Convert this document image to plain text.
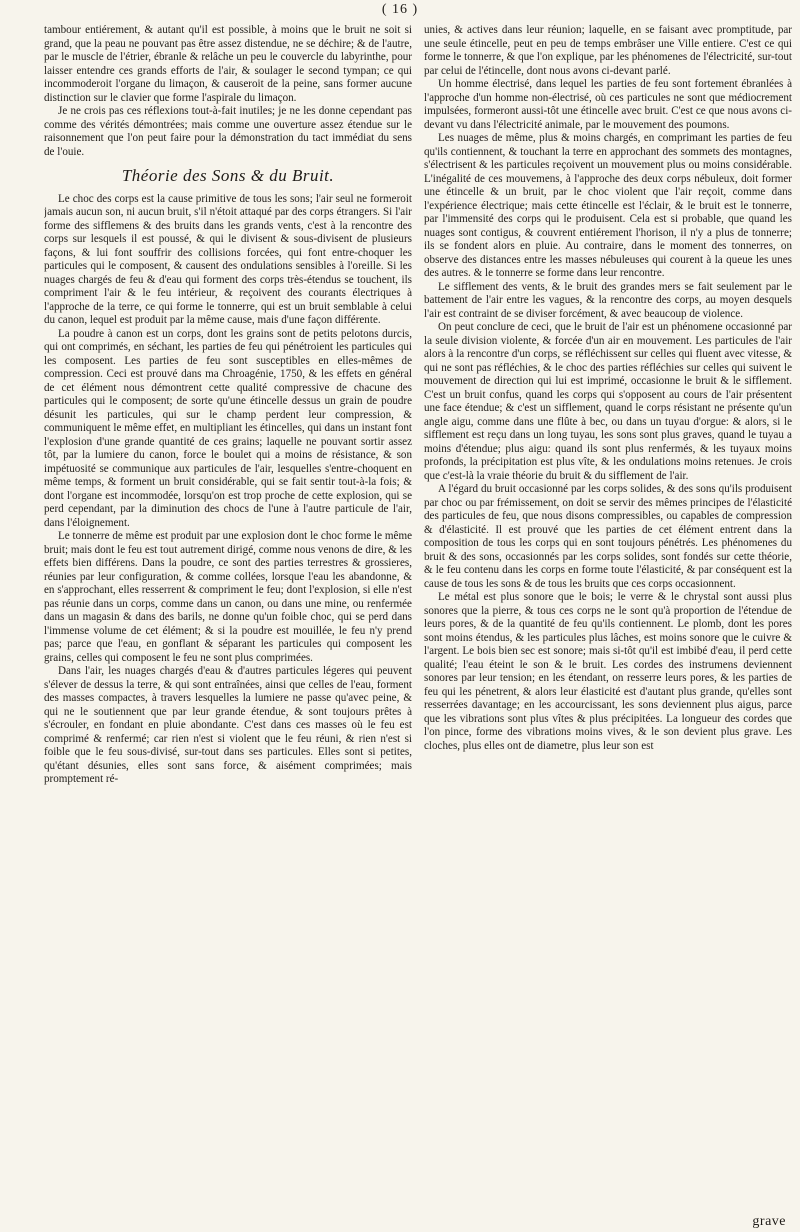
( 16 )

tambour entiérement, & autant qu'il est possible, à moins que le bruit ne soit si grand, que la peau ne pouvant pas être assez distendue, ne se déchire; & de l'autre, par le muscle de l'étrier, ébranle & relâche un peu le couvercle du labyrinthe, pour laisser entendre ces grands efforts de l'air, & soulager le second tympan; ce qui incommoderoit l'organe du limaçon, & causeroit de la peine, sans former aucune distinction sur le clavier que forme l'aspirale du limaçon.

Je ne crois pas ces réflexions tout-à-fait inutiles; je ne les donne cependant pas comme des vérités démontrées; mais comme une ouverture assez étendue sur le raisonnement que l'on peut faire pour la démonstration du tact immédiat du sens de l'ouie.

Théorie des Sons & du Bruit.

Le choc des corps est la cause primitive de tous les sons; l'air seul ne formeroit jamais aucun son, ni aucun bruit, s'il n'étoit attaqué par des corps étrangers. Si l'air forme des sifflemens & des bruits dans les grands vents, c'est à la rencontre des corps sur lesquels il est poussé, & qui le divisent & sous-divisent de plusieurs façons, & lui font souffrir des collisions forcées, qui font entre-choquer les particules qui le composent, & causent des ondulations sensibles à l'oreille. Si les nuages chargés de feu & d'eau qui forment des corps très-étendus se touchent, ils compriment l'air & le feu intérieur, & reçoivent des courants électriques à l'approche de la terre, ce qui forme le tonnerre, qui est un bruit semblable à celui du canon, lequel est produit par la même cause, mais d'une façon différente.

La poudre à canon est un corps, dont les grains sont de petits pelotons durcis, qui ont comprimés, en séchant, les parties de feu qui pénétroient les particules qui les composent. Les parties de feu sont susceptibles en elles-mêmes de compression. Ceci est prouvé dans ma Chroagénie, 1750, & les effets en général de cet élément nous démontrent cette qualité compressive de chacune des particules qui le composent; de sorte qu'une étincelle dessus un grain de poudre désunit les particules, qui sur le champ perdent leur compression, & communiquent le même effet, en multipliant les étincelles, qui dans un instant font l'explosion d'une grande quantité de ces grains; laquelle ne pouvant sortir assez tôt, par la lumiere du canon, force le boulet qui a moins de résistance, & son impétuosité se communique aux particules de l'air, lesquelles s'entre-choquent en même temps, & forment un bruit considérable, qui se fait sentir tout-à-la fois; & dont l'organe est incommodée, lorsqu'on est trop proche de cette explosion, qui se perd cependant, par la diminution des chocs de l'une à l'autre particule de l'air, dans l'éloignement.

Le tonnerre de même est produit par une explosion dont le choc forme le même bruit; mais dont le feu est tout autrement dirigé, comme nous venons de dire, & les effets bien différens. Dans la poudre, ce sont des parties terrestres & grossieres, réunies par leur configuration, & comme collées, lorsque l'eau les abandonne, & en s'approchant, elles resserrent & compriment le feu; dont l'explosion, si elle n'est pas réunie dans un corps, comme dans un canon, ou dans une mine, ou renfermée dans un magasin & dans des barils, ne donne qu'un foible choc, qui se perd dans l'immense volume de cet élément; & si la poudre est mouillée, le feu n'y prend pas; parce que l'eau, en gonflant & séparant les particules qui composent les grains, celles qui composent le feu ne sont plus comprimées.

Dans l'air, les nuages chargés d'eau & d'autres particules légeres qui peuvent s'élever de dessus la terre, & qui sont entraînées, ainsi que celles de l'eau, forment des masses compactes, à travers lesquelles la lumiere ne passe qu'avec peine, & qui ne le soutiennent que par leur grande étendue, & sont toujours prêtes à s'écrouler, en fondant en pluie abondante. C'est dans ces masses où le feu est comprimé & renfermé; car rien n'est si violent que le feu réuni, & rien n'est si foible que le feu sous-divisé, sur-tout dans ses particules. Elles sont si petites, qu'étant désunies, elles sont sans force, & aisément comprimées; mais promptement ré-

unies, & actives dans leur réunion; laquelle, en se faisant avec promptitude, par une seule étincelle, peut en peu de temps embrâser une Ville entiere. C'est ce qui forme le tonnerre, & que l'on explique, par les phénomenes de l'électricité, sur-tout par celui de l'étincelle, dont nous avons ci-devant parlé.

Un homme électrisé, dans lequel les parties de feu sont fortement ébranlées à l'approche d'un homme non-électrisé, où ces particules ne sont que médiocrement impulsées, formeront aussi-tôt une étincelle avec bruit. C'est ce que nous avons ci-devant vu dans l'électricité animale, par le mouvement des poumons.

Les nuages de même, plus & moins chargés, en comprimant les parties de feu qu'ils contiennent, & touchant la terre en approchant des sommets des montagnes, s'électrisent & les particules reçoivent un mouvement plus ou moins considérable. L'inégalité de ces mouvemens, à l'approche des deux corps nébuleux, doit former une étincelle & un bruit, par le choc violent que l'air reçoit, comme dans l'expérience électrique; mais cette étincelle est l'éclair, & le bruit est le tonnerre, par l'immensité des corps qui le produisent. Cela est si probable, que quand les nuages sont contigus, & couvrent entiérement l'horison, il n'y a plus de tonnerre; ils se fondent alors en pluie. Au contraire, dans le moment des tonnerres, on observe des distances entre les masses nébuleuses qui courent à la queue les unes des autres. & le tonnerre se forme dans leur rencontre.

Le sifflement des vents, & le bruit des grandes mers se fait seulement par le battement de l'air entre les vagues, & la rencontre des corps, au moyen desquels l'air est contraint de se diviser forcément, & avec beaucoup de violence.

On peut conclure de ceci, que le bruit de l'air est un phénomene occasionné par la seule division violente, & forcée d'un air en mouvement. Les particules de l'air alors à la rencontre d'un corps, se réfléchissent sur celles qui fluent avec vitesse, & qui ne sont pas réfléchies, & le choc des parties réfléchies sur celles qui suivent le mouvement de direction qui lui est imprimé, occasionne le bruit & le sifflement. C'est un bruit confus, quand les corps qui s'opposent au cours de l'air présentent une face étendue; & c'est un sifflement, quand le corps résistant ne présente qu'un angle aigu, comme dans une flûte à bec, ou dans un tuyau d'orgue: & alors, si le sifflement est reçu dans un long tuyau, les sons sont plus graves, quand le tuyau a moins d'étendue; plus aigu: quand ils sont plus renfermés, & les tuyaux moins profonds, la précipitation est plus vîte, & les ondulations moins retenues. Je crois que c'est-là la vraie théorie du bruit & du sifflement de l'air.

A l'égard du bruit occasionné par les corps solides, & des sons qu'ils produisent par choc ou par frémissement, on doit se servir des mêmes principes de l'élasticité des particules de feu, que nous disons compressibles, ou capables de compression & d'élasticité. Il est prouvé que les parties de cet élément entrent dans la composition de tous les corps qui en sont toujours pénétrés. Les phénomenes du bruit & des sons, occasionnés par les corps solides, sont fondés sur cette théorie, & le feu contenu dans les corps en forme toute l'élasticité, & par conséquent est la cause de tous les sons & de tous les bruits que ces corps occasionnent.

Le métal est plus sonore que le bois; le verre & le chrystal sont aussi plus sonores que la pierre, & tous ces corps ne le sont qu'à proportion de l'étendue de leurs pores, & de la quantité de feu qu'ils contiennent. Le plomb, dont les pores sont moins étendus, & les particules plus lâches, est moins sonore que le cuivre & l'argent. Le bois bien sec est sonore; mais si-tôt qu'il est imbibé d'eau, il perd cette qualité; l'eau éteint le son & le bruit. Les cordes des instrumens deviennent sonores par leur tension; en les étendant, on resserre leurs pores, & les parties de feu qui les pénetrent, & alors leur élasticité est d'autant plus grande, qu'elles sont resserrées davantage; en les accourcissant, les sons deviennent plus aigus, parce que les vibrations sont plus vîtes & plus précipitées. La longueur des cordes que l'on pince, forme des vibrations moins vives, & le son devient plus grave. Les cloches, plus elles ont de diametre, plus leur son est

grave
